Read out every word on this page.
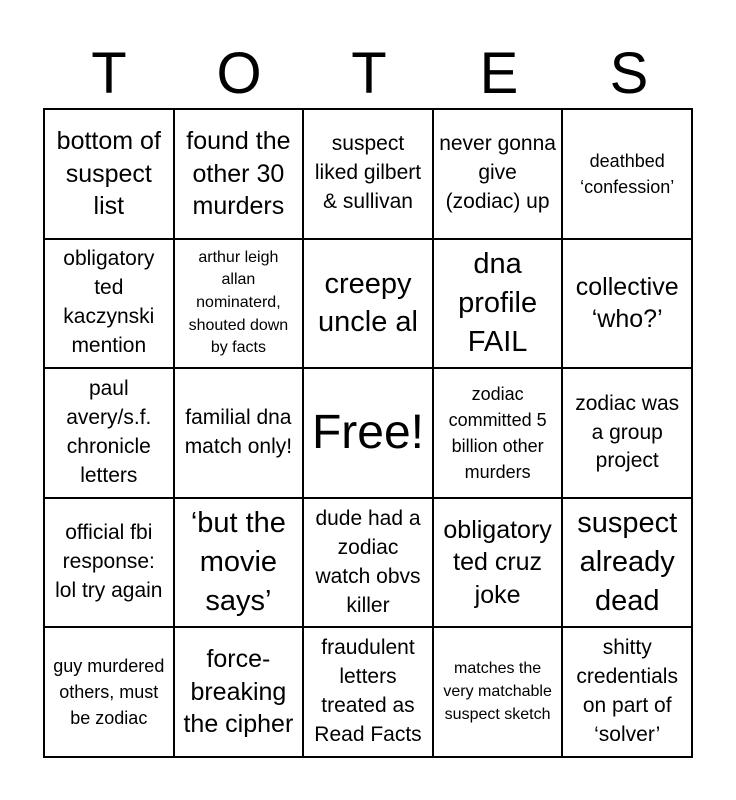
T	O	T	E	S
bottom of suspect list
found the other 30 murders
suspect liked gilbert & sullivan
never gonna give (zodiac) up
deathbed ‘confession’
obligatory ted kaczynski mention
arthur leigh allan nominaterd, shouted down by facts
creepy uncle al
dna profile FAIL
collective ‘who?’
paul avery/s.f. chronicle letters
familial dna match only! Free!
zodiac committed 5 billion other murders
zodiac was a group project
official fbi response: lol try again
‘but the movie says’
dude had a zodiac watch obvs killer
obligatory ted cruz joke
suspect already dead
guy murdered others, must be zodiac
force-breaking the cipher
fraudulent letters treated as Read Facts
matches the very matchable suspect sketch
shitty credentials on part of ‘solver’
